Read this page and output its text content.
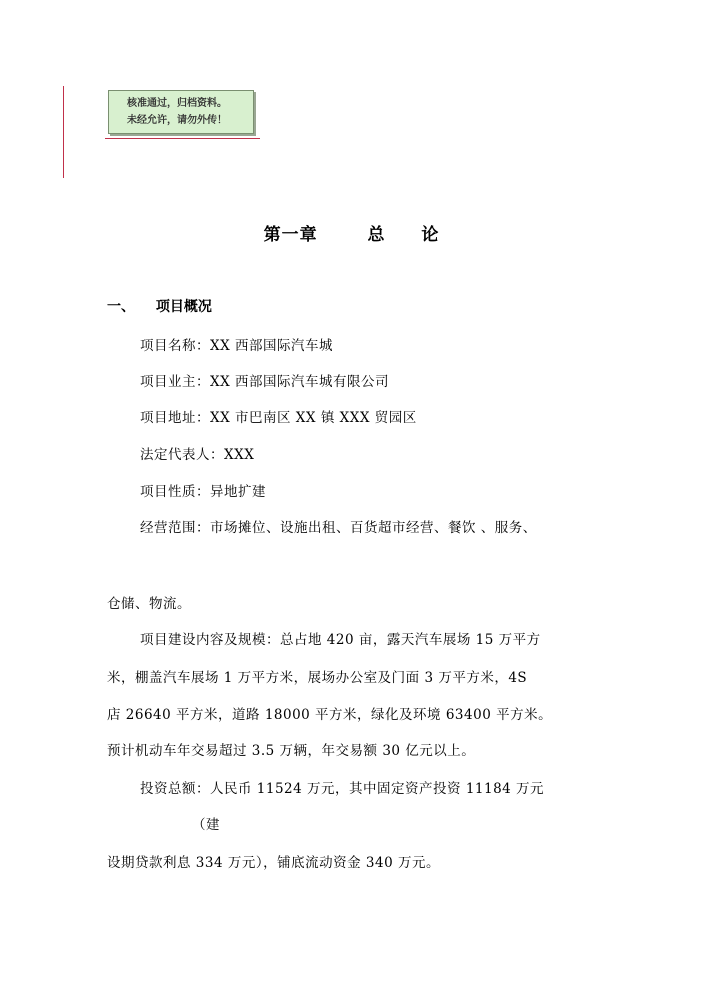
核准通过，归档资料。
未经允许，请勿外传！
第一章	总 论
一、 项目概况
项目名称：XX 西部国际汽车城
项目业主：XX 西部国际汽车城有限公司
项目地址：XX 市巴南区 XX 镇 XXX 贸园区
法定代表人：XXX
项目性质：异地扩建
经营范围：市场摊位、设施出租、百货超市经营、餐饮 、服务、
仓储、物流。
项目建设内容及规模：总占地 420 亩，露天汽车展场 15 万平方
米，棚盖汽车展场 1 万平方米，展场办公室及门面 3 万平方米，4S
店 26640 平方米，道路 18000 平方米，绿化及环境 63400 平方米。
预计机动车年交易超过 3.5 万辆，年交易额 30 亿元以上。
投资总额：人民币 11524 万元，其中固定资产投资 11184 万元
（建
设期贷款利息 334 万元），铺底流动资金 340 万元。
